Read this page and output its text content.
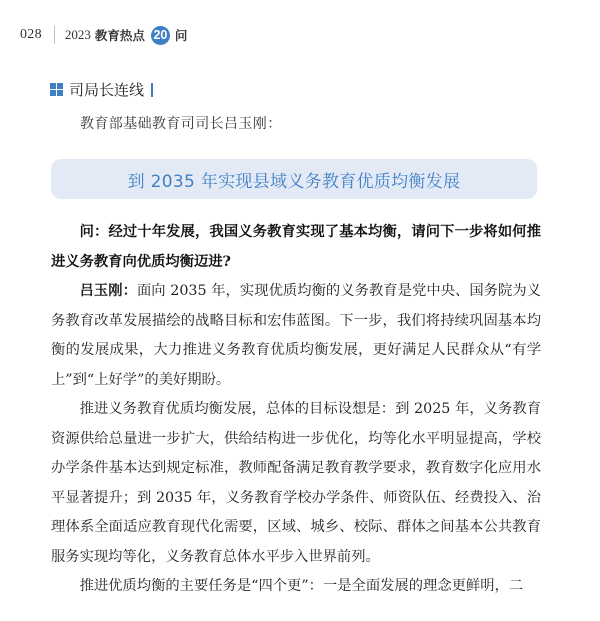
028 2023 教育热点 20 问
司局长连线
教育部基础教育司司长吕玉刚：
到 2035 年实现县域义务教育优质均衡发展

问：经过十年发展，我国义务教育实现了基本均衡，请问下一步将如何推进义务教育向优质均衡迈进?

吕玉刚：面向 2035 年，实现优质均衡的义务教育是党中央、国务院为义务教育改革发展描绘的战略目标和宏伟蓝图。下一步，我们将持续巩固基本均衡的发展成果，大力推进义务教育优质均衡发展，更好满足人民群众从“有学上”到“上好学”的美好期盼。

推进义务教育优质均衡发展，总体的目标设想是：到 2025 年，义务教育资源供给总量进一步扩大，供给结构进一步优化，均等化水平明显提高，学校办学条件基本达到规定标准，教师配备满足教育教学要求，教育数字化应用水平显著提升；到 2035 年，义务教育学校办学条件、师资队伍、经费投入、治理体系全面适应教育现代化需要，区域、城乡、校际、群体之间基本公共教育服务实现均等化，义务教育总体水平步入世界前列。

推进优质均衡的主要任务是“四个更”：一是全面发展的理念更鲜明，二
